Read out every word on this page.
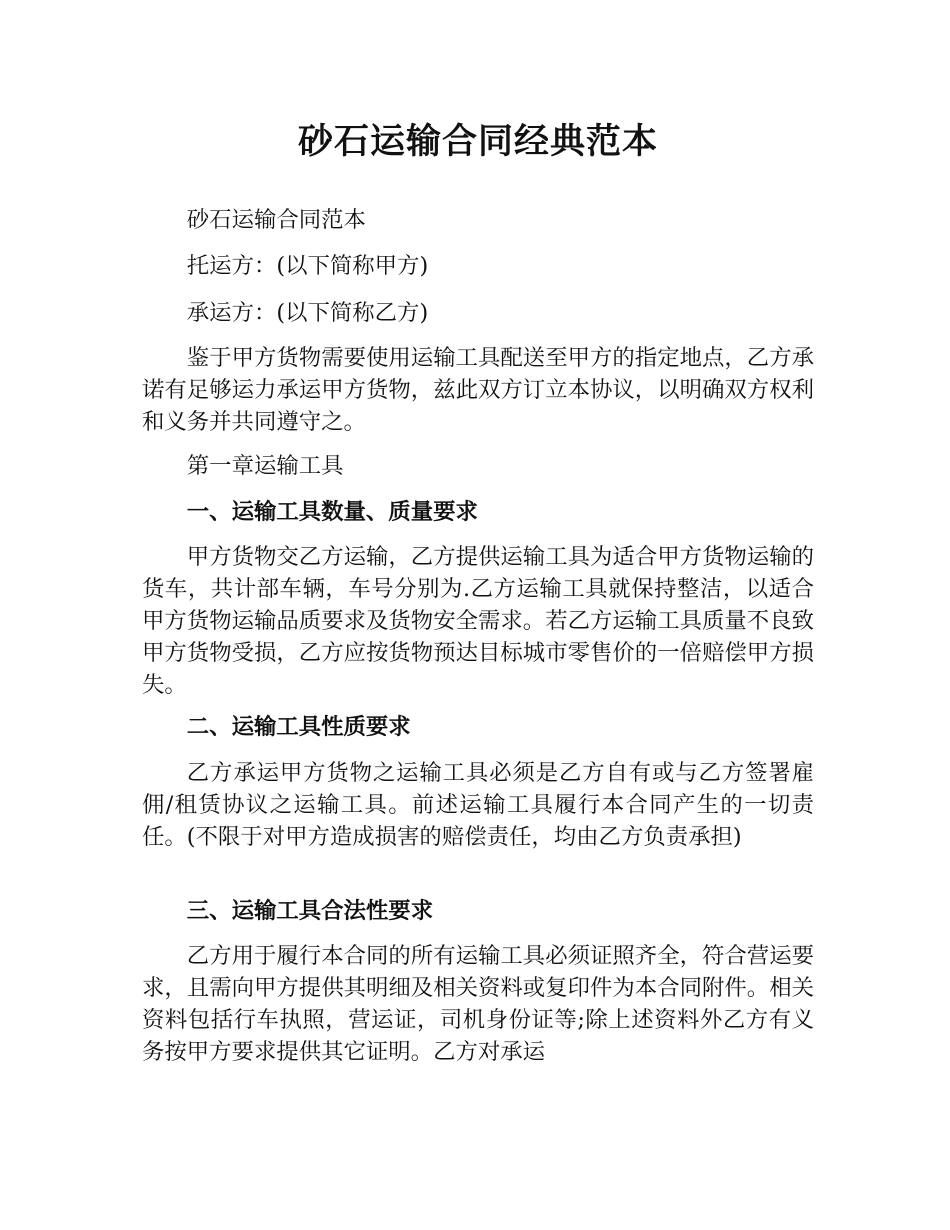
砂石运输合同经典范本

砂石运输合同范本

托运方：(以下简称甲方)

承运方：(以下简称乙方)

鉴于甲方货物需要使用运输工具配送至甲方的指定地点，乙方承诺有足够运力承运甲方货物，兹此双方订立本协议，以明确双方权利和义务并共同遵守之。

第一章运输工具

一、运输工具数量、质量要求

甲方货物交乙方运输，乙方提供运输工具为适合甲方货物运输的货车，共计部车辆，车号分别为.乙方运输工具就保持整洁，以适合甲方货物运输品质要求及货物安全需求。若乙方运输工具质量不良致甲方货物受损，乙方应按货物预达目标城市零售价的一倍赔偿甲方损失。

二、运输工具性质要求

乙方承运甲方货物之运输工具必须是乙方自有或与乙方签署雇佣/租赁协议之运输工具。前述运输工具履行本合同产生的一切责任。(不限于对甲方造成损害的赔偿责任，均由乙方负责承担)

三、运输工具合法性要求

乙方用于履行本合同的所有运输工具必须证照齐全，符合营运要求，且需向甲方提供其明细及相关资料或复印件为本合同附件。相关资料包括行车执照，营运证，司机身份证等;除上述资料外乙方有义务按甲方要求提供其它证明。乙方对承运
